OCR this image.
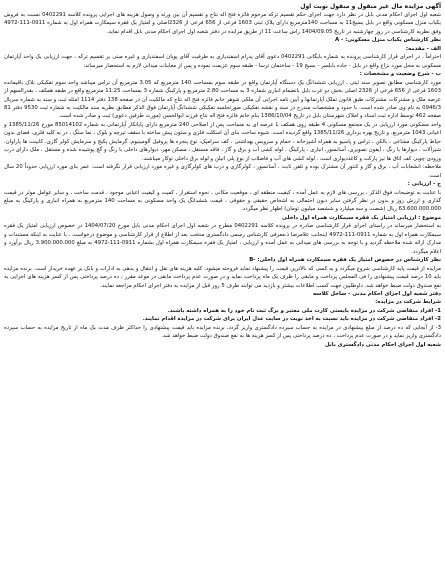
آگهی مزایده مال غیر منقول و منقول نوبت اول

شعبه اول اجرای احکام مدنی بابل در نظر دارد جهت اجرای حکم تقسیم ترکه مرحوم فائزه فتح اله نتاج و تقسیم آن بین ورثه و وصول هزینه های اجرایی پرونده کلاسه 0402291 نسبت به فروش یکباب منزل مسکونی واقع در بابل بسیج11 به مساحت 140مترمربع دارای پلاک ثبتی 1603 فرعی از 656 فرعی از 2326اصلی و امتیاز یک فقره سیمکارت همراه اول به شماره 0911-111-4972 وفق نظریه کارشناسی در روز چهارشنبه در تاریخ 1404/09.05 راس ساعت 11 از طریق مزایده در دفتر شعبه اول اجرای احکام مدنی بابل اقدام نماید.

نظر کارشناس یکباب منزل مسکونی: - A

الف - مقدمه:

احتراماً ، در اجرای قرار کارشناسی پرونده به شماره بایگانی 0402291 دعوی آقای پدرام اسفندیاری به طرفیت آقای پویان اسفندیاری و غیره مبنی بر تقسیم ترکه ، جهت ارزیابی یک واحد آپارتمان مسکونی به محل مورد نزاع واقع در بابل - جاده بابلسر - بسیج 19 - ساختمان ترسا - طبقه سوم عزیمت نموده و پس از معاینات میدانی لازم به استحضار میرساند:

ب - شرح وضعیت و مشخصات :

مورد کارشناسی مطابق تصویر سند ثبتی ، ارزیابی ششدانگ یک دستگاه آپارتمان واقع در طبقه سوم بمساحت 140 مترمربع که 3.05 مترمربع آن تراس میباشد واحد سوم تفکیکی بلاک باقیمانده 1603 فرعی از 656 فرعی از 2326 اصلی بخش دو غرب بابل بانضمام انباری شماره 3 به مساحت 2.80 مترمربع و پارکینگ شماره 3 بمساحت 11.25 مترمربع واقع در طبقه همکف ، بقدرالسهم از عرصه ملک و مشترکات مشترکات طبق قانون تملک آپارتمانها و آیین نامه اجرایی آن ملکی شوهر خانم فائزه فتح اله نتاج که مالکیت آن در صفحه 138 دفتر 1114 امثله ثبت و سند به شماره سریال 0946/3 به نام وی صادر شده است. با حدود و مشخصات مندرج در سند و نقشه تفکیکی صورتجلسه تفکیکی ششدانگ آپارتمان فوق الذکر مطابق نظریه سند مالکیت به شماره ثبت 9530 دفتر 81 صفحه 462 توسط اداره ثبت اسناد و املاک شهرستان بابل در تاریخ 1386/10/04 بنام خانم فائزه فتح اله نتاج فرزند ابوالحسن (مورث طرفین دعوی) ثبت و صادر شده است.

واحد مسکونی مورد ارزیابی در یک مجتمع مسکونی 4 طبقه روی همکف با عرصه ای به مساحت پس از اصلاحی 240 مترمربع دارای پایانکار آپارتمانی به شماره 85014102 مورخ 1385/11/26 و اعیانی 1043 مترمربع. و تاریخ بهره برداری 1385/11/26 واقع گردیده است. شیوه ساخت بنای آن اسکلت فلزی و ستون پیش ساخته با سقف تیرچه و بلوک ، نما سنگ ، در به کلید فلزی، فضای بدون حیاط پارکینگ مشاعی ، بالکن ، تراس و پاسیو به همراه آشپزخانه ، حمام و سرویس بهداشتی ، کف سرامیک، نوع پنجره ها پروفیل آلومینیوم، گرمایش پکیج و سرمایش کولر گازی، کابینت ها پاراوان. شیرآلات ، دیوارها با رنگ ، آیفون تصویری، آسانسور، انباری ، پارکینگ ، لوله کشی آب و برق و گاز ، فاقد مستقل ، مسکن مهر، دیوارهای داخلی با رنگ و گچ پوشیده شده و مستقل ، ملک دارای درب ورودی چوبی کف اتاق ها نیز پارکت و کاغذدیواری است . لوله کشی های آب و فاضلاب از نوع پلی اتیلن و لوله برق داخلی توکار میباشند.

ملاحظه: انشعابات آب ، برق و گاز و کنتور آن مشترک بوده و تلفن ثابت ، آسانسور ، کولرگازی و درب های کولرگازی و غیره مورد ارزیابی قرار نگرفته است. عمر بنای مورد ارزیابی حدوداً 20 سال است.

ج - ارزیابی :

با عنایت به توضیحات فوق الذکر ، بررسی های لازم به عمل آمده ، کیفیت منطقه ای ، موقعیت مکانی ، نحوه استقرار ، کمیت و کیفیت اعیانی موجود ، قدمت ساخت ، و سایر عوامل موثر در قیمت گذاری و ارزش روز و بدون در نظر گرفتن سایر دیون احتمالی به اشخاص حقیقی و حقوقی ، قیمت ششدانگ یک واحد مسکونی به مساحت 140 مترمربع به همراه انباری و پارکینگ به مبلغ 63.600.000.000 ریال (شصت و سه میلیارد و ششصد میلیون تومان) اظهار نظر میگردد.

موضوع : ارزیابی امتیاز یک فقره سیمکارت همراه اول داخلی

به استحضار میرساند در راستای اجرای قرار کارشناسی صادره در پرونده کلاسه 0402291 مطرح در شعبه اول اجرای احکام مدنی بابل مورخ 1404/07/20 در خصوص ارزیابی امتیاز یک فقره سیمکارت همراه اول به شماره 0911-111-4972 اینجانب علامرضا ذ.معرفی کارشناس رسمی دادگستری منتخب بعد از اطلاع از قرار کارشناسی و موضوع درخواست ، با عنایت به اینکه مستندات و مدارک ارائه شده ملاحظه گردید و با توجه به بررسی های میدانی به عمل آمده و ارزیابی ، امتیاز یک فقره سیمکارت همراه اول بشماره 0911-111-4972 به مبلغ 3.900.000.000 ریال برآورد و اعلام میگردد.

نظر کارشناس در خصوص امتیاز یک فقره سیمکارت همراه اول داخلی: -B

مزایده از قیمت پایه کارشناسی شروع میگردد و به کسی که بالاترین قیمت را پیشنهاد نماید فروخته میشود. کلیه هزینه های نقل و انتقال و بدهی به ادارات و بانک بر عهده خریدار است. برنده مزایده باید 10 درصد قیمت پیشنهادی را فی المجلس پرداخت و مابقی را ظرف یک ماه پرداخت نماید و در صورت عدم پرداخت مابقی در موعد مقرر ، ده درصد پرداختی پس از کسر هزینه های اجرایی به نفع صندوق دولت ضبط خواهد شد. داوطلبین جهت کسب اطلاعات بیشتر و بازدید می توانند ظرف 5 روز قبل از مزایده به دفتر اجرای احکام مراجعه نمایند.

دفتر شعبه اول اجرای احکام مدنی - ساحل کلاسه

شرایط شرکت در مزایده:

1- افراد متقاضی شرکت در مزایده بایستی کارت ملی معتبر و برگ ثبت نام خود را به همراه داشته باشند.

2- افراد متقاضی شرکت در مزایده باید نسبت به اخذ نوبت در سایت عدل ایران برای شرکت در مزایده اقدام نمایند.

3- از آنجایی که ده درصد از مبلغ پیشنهادی در مزایده به حساب سپرده دادگستری واریز گردد، برنده مزایده باید قیمت پیشنهادی را حداکثر ظرف مدت یک ماه از تاریخ مزایده به حساب سپرده دادگستری واریز نماید و در صورت عدم پرداخت ، ده درصد پرداختی پس از کسر هزینه ها به نفع صندوق دولت ضبط خواهد شد.

شعبه اول اجرای احکام مدنی دادگستری بابل
